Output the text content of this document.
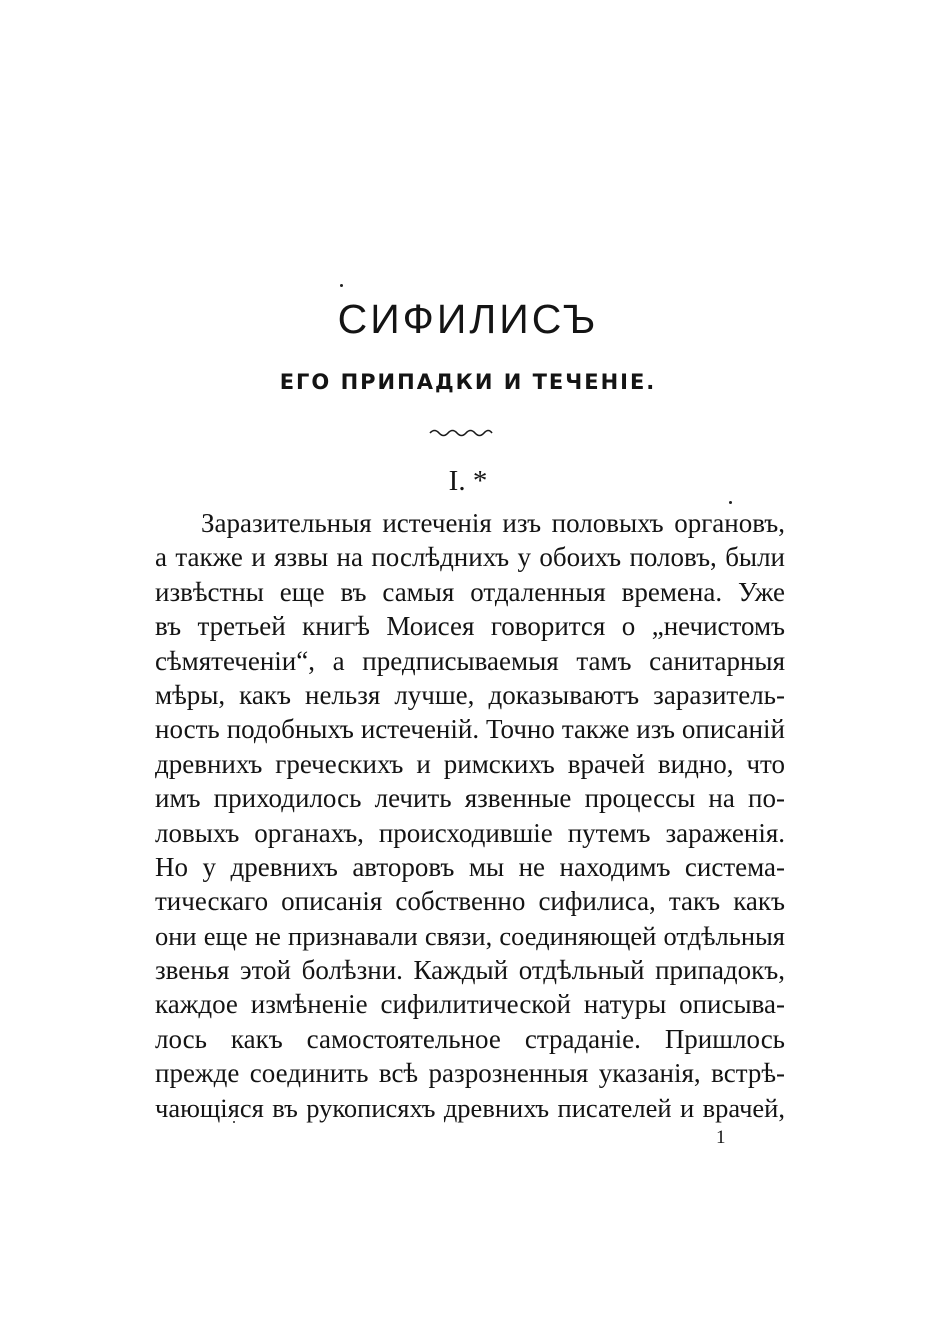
СИФИЛИСЪ
ЕГО ПРИПАДКИ И ТЕЧЕНІЕ.
I. *
Заразительныя истеченія изъ половыхъ органовъ,
а также и язвы на послѣднихъ у обоихъ половъ, были
извѣстны еще въ самыя отдаленныя времена. Уже
въ третьей книгѣ Моисея говорится о „нечистомъ
сѣмятеченіи“, а предписываемыя тамъ санитарныя
мѣры, какъ нельзя лучше, доказываютъ заразитель-
ность подобныхъ истеченій. Точно также изъ описаній
древнихъ греческихъ и римскихъ врачей видно, что
имъ приходилось лечить язвенные процессы на по-
ловыхъ органахъ, происходившіе путемъ зараженія.
Но у древнихъ авторовъ мы не находимъ система-
тическаго описанія собственно сифилиса, такъ какъ
они еще не признавали связи, соединяющей отдѣльныя
звенья этой болѣзни. Каждый отдѣльный припадокъ,
каждое измѣненіе сифилитической натуры описыва-
лось какъ самостоятельное страданіе. Пришлось
прежде соединить всѣ разрозненныя указанія, встрѣ-
чающіяся въ рукописяхъ древнихъ писателей и врачей,
1
